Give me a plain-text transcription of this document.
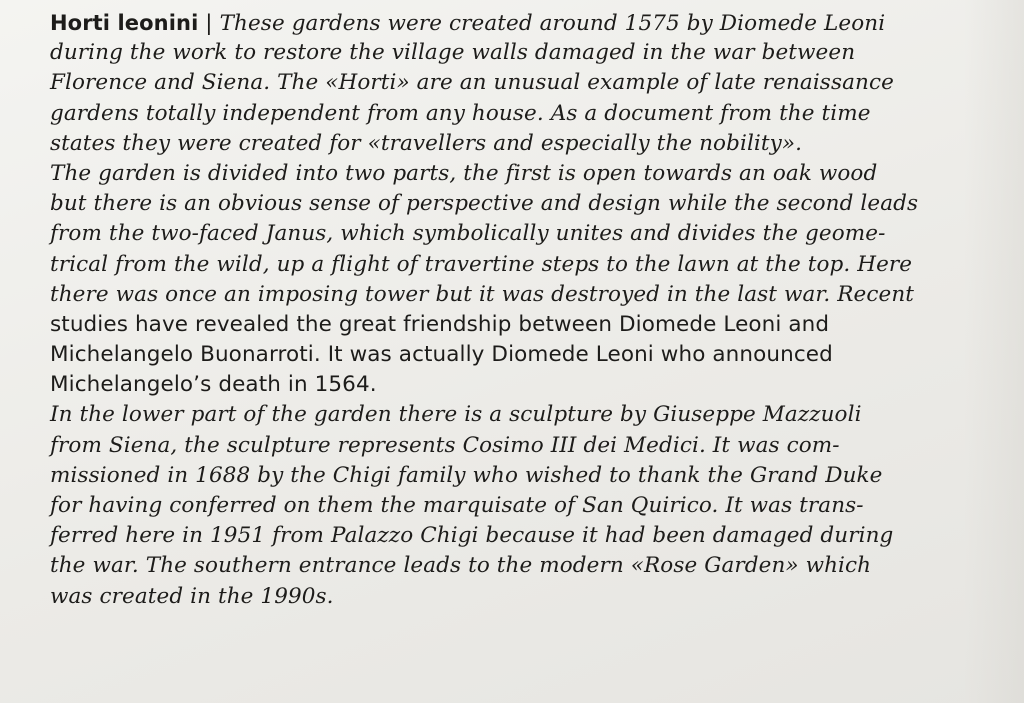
Horti leonini | These gardens were created around 1575 by Diomede Leoni
during the work to restore the village walls damaged in the war between
Florence and Siena. The «Horti» are an unusual example of late renaissance
gardens totally independent from any house. As a document from the time
states they were created for «travellers and especially the nobility».
The garden is divided into two parts, the first is open towards an oak wood
but there is an obvious sense of perspective and design while the second leads
from the two-faced Janus, which symbolically unites and divides the geome-
trical from the wild, up a flight of travertine steps to the lawn at the top. Here
there was once an imposing tower but it was destroyed in the last war. Recent
studies have revealed the great friendship between Diomede Leoni and
Michelangelo Buonarroti. It was actually Diomede Leoni who announced
Michelangelo’s death in 1564.
In the lower part of the garden there is a sculpture by Giuseppe Mazzuoli
from Siena, the sculpture represents Cosimo III dei Medici. It was com-
missioned in 1688 by the Chigi family who wished to thank the Grand Duke
for having conferred on them the marquisate of San Quirico. It was trans-
ferred here in 1951 from Palazzo Chigi because it had been damaged during
the war. The southern entrance leads to the modern «Rose Garden» which
was created in the 1990s.
